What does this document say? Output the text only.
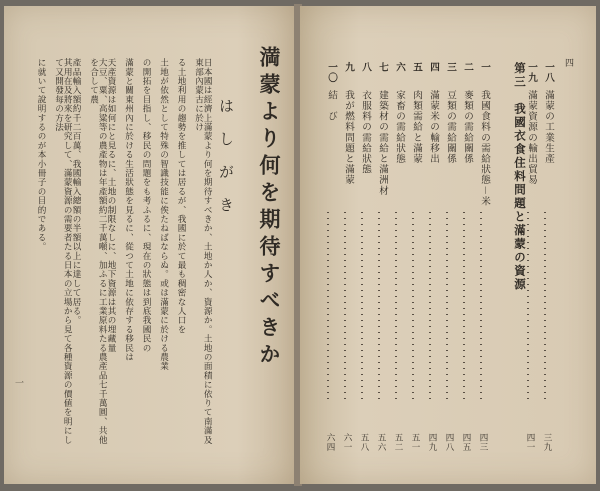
満蒙より何を期待すべきか
はしがき
日本國は經濟上滿蒙より何を期待すべきか、土地か人か、資源か。土地の面積に依りて南滿及東部內蒙古に於け
る土地利用の趨勢を推しては居るが、我國に於て最も稠密な人口を
土地が依然として特殊の智識技能に俟たねばならぬ。或は滿蒙に於ける農業
の開拓を目指し、移民の問題をも考ふるに、現在の狀態は到底我國民の
滿蒙と關東州內に於ける生活狀態を見るに、從つて土地に依存する移民は
天產資源は如何にと見るに、土地の制限なしに、地下資源は其の埋藏量
大豆、粟、高粱等の農產物は年產額約二千萬噸、加ふるに工業原料たる農產品七千萬圓、共他を合して農
產品輸入額約千二百萬、我國輸入總額の半額以上に達して居る。
其用在及將來を研究して、滿蒙資源の需要者たる日本の立場から見て各種資源の價値を明にして又開發每の方法
に就いて說明するのが本小冊子の目的である。
一
四
一八
滿蒙の工業生產
三九
一九
滿蒙資源の輸出貿易
四一
第三　我國衣食住料問題と滿蒙の資源
一
我國食料の需給狀態－米
四三
二
麥類の需給關係
四五
三
豆類の需給關係
四八
四
滿蒙米の輸移出
四九
五
肉類需給と滿蒙
五一
六
家畜の需給狀態
五二
七
建築材の需給と滿洲材
五六
八
衣服料の需給狀態
五八
九
我が燃料問題と滿蒙
六一
一〇
結　び
六四
